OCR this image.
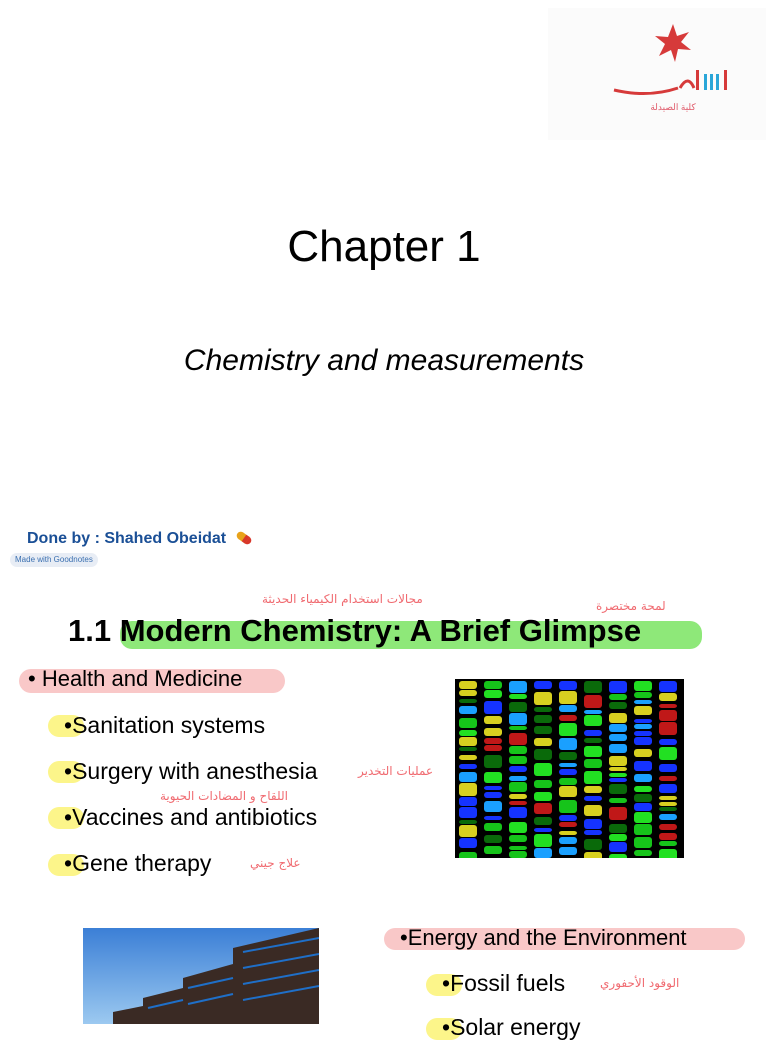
كلية الصيدلة
Chapter 1
Chemistry and measurements
Done by : Shahed Obeidat
Made with Goodnotes
مجالات استخدام الكيمياء الحديثة	لمحة مختصرة
1.1 Modern Chemistry: A Brief Glimpse
• Health and Medicine
•Sanitation systems
•Surgery with anesthesia	عمليات التخدير
اللقاح و المضادات الحيوية
•Vaccines and antibiotics
•Gene therapy	علاج جيني
•Energy and the Environment
•Fossil fuels	الوقود الأحفوري
•Solar energy
